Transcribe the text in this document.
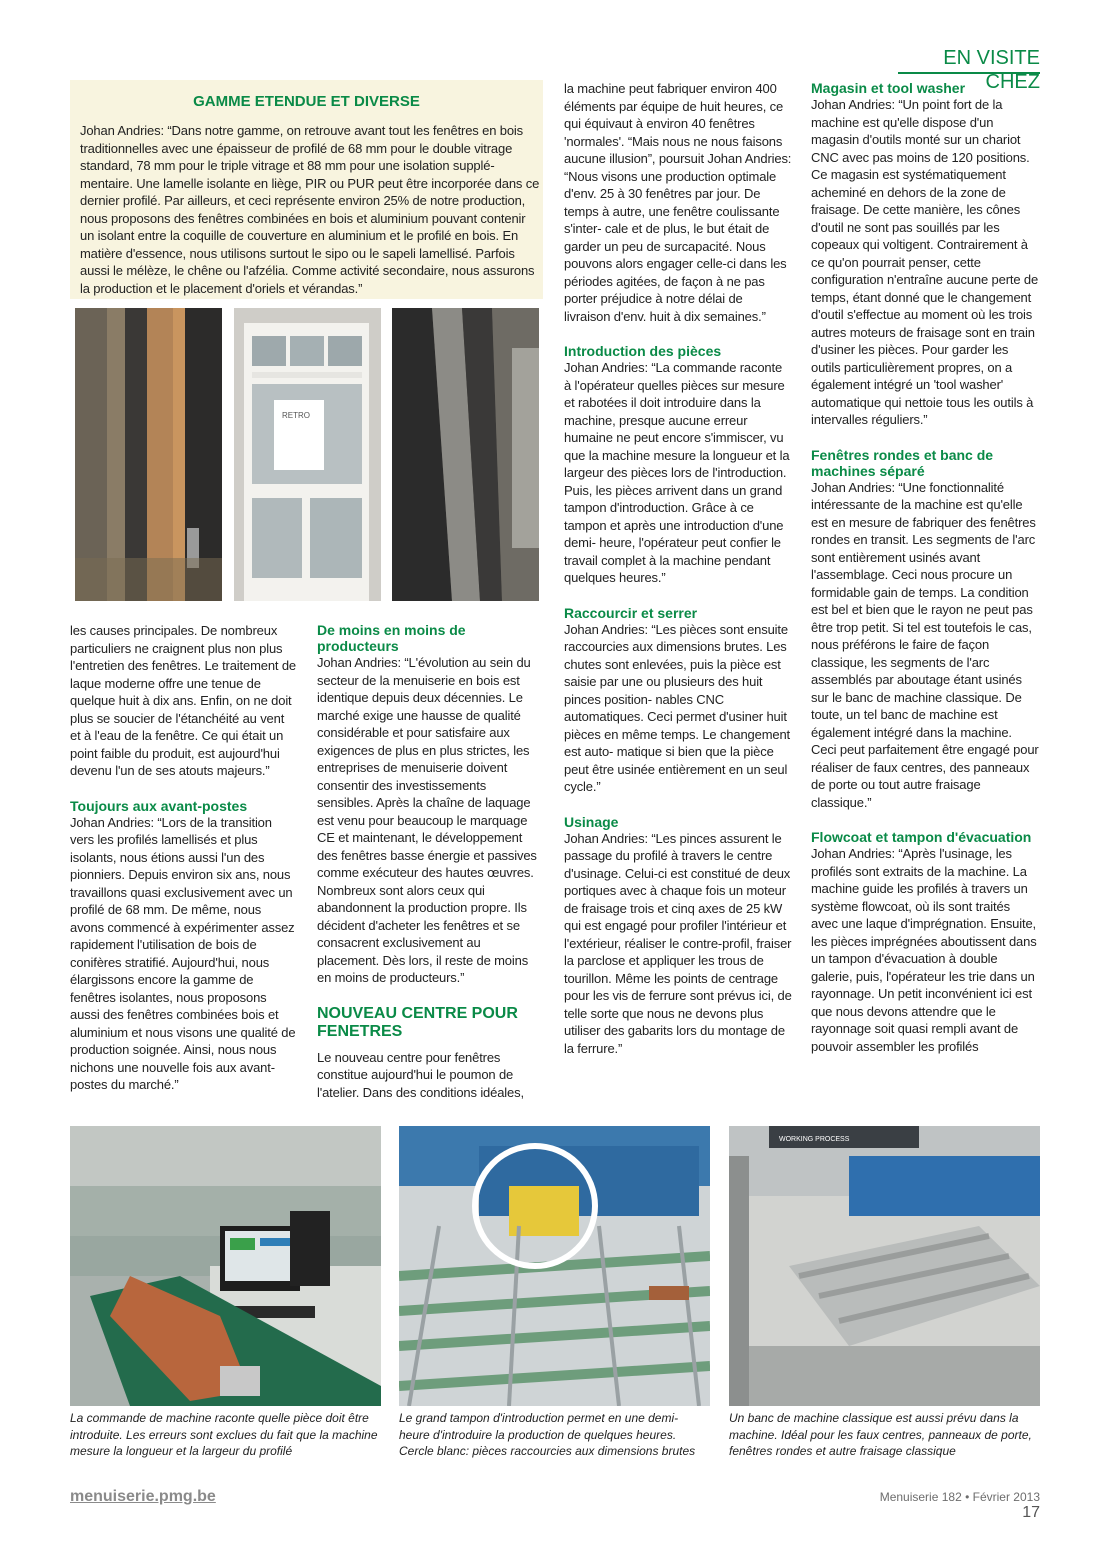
EN VISITE CHEZ
GAMME ETENDUE ET DIVERSE

Johan Andries: “Dans notre gamme, on retrouve avant tout les fenêtres en bois traditionnelles avec une épaisseur de profilé de 68 mm pour le double vitrage standard, 78 mm pour le triple vitrage et 88 mm pour une isolation supplé- mentaire. Une lamelle isolante en liège, PIR ou PUR peut être incorporée dans ce dernier profilé. Par ailleurs, et ceci représente environ 25% de notre production, nous proposons des fenêtres combinées en bois et aluminium pouvant contenir un isolant entre la coquille de couverture en aluminium et le profilé en bois. En matière d'essence, nous utilisons surtout le sipo ou le sapeli lamellisé. Parfois aussi le mélèze, le chêne ou l'afzélia. Comme activité secondaire, nous assurons la production et le placement d'oriels et vérandas.”

RETRO

les causes principales. De nombreux particuliers ne craignent plus non plus l'entretien des fenêtres. Le traitement de laque moderne offre une tenue de quelque huit à dix ans. Enfin, on ne doit plus se soucier de l'étanchéité au vent et à l'eau de la fenêtre. Ce qui était un point faible du produit, est aujourd'hui devenu l'un de ses atouts majeurs.”

Toujours aux avant-postes

Johan Andries: “Lors de la transition vers les profilés lamellisés et plus isolants, nous étions aussi l'un des pionniers. Depuis environ six ans, nous travaillons quasi exclusivement avec un profilé de 68 mm. De même, nous avons commencé à expérimenter assez rapidement l'utilisation de bois de conifères stratifié. Aujourd'hui, nous élargissons encore la gamme de fenêtres isolantes, nous proposons aussi des fenêtres combinées bois et aluminium et nous visons une qualité de production soignée. Ainsi, nous nous nichons une nouvelle fois aux avant-postes du marché.”

De moins en moins de producteurs

Johan Andries: “L'évolution au sein du secteur de la menuiserie en bois est identique depuis deux décennies. Le marché exige une hausse de qualité considérable et pour satisfaire aux exigences de plus en plus strictes, les entreprises de menuiserie doivent consentir des investissements sensibles. Après la chaîne de laquage est venu pour beaucoup le marquage CE et maintenant, le développement des fenêtres basse énergie et passives comme exécuteur des hautes œuvres. Nombreux sont alors ceux qui abandonnent la production propre. Ils décident d'acheter les fenêtres et se consacrent exclusivement au placement. Dès lors, il reste de moins en moins de producteurs.”

NOUVEAU CENTRE POUR FENETRES

Le nouveau centre pour fenêtres constitue aujourd'hui le poumon de l'atelier. Dans des conditions idéales,

la machine peut fabriquer environ 400 éléments par équipe de huit heures, ce qui équivaut à environ 40 fenêtres 'normales'. “Mais nous ne nous faisons aucune illusion”, poursuit Johan Andries: “Nous visons une production optimale d'env. 25 à 30 fenêtres par jour. De temps à autre, une fenêtre coulissante s'inter- cale et de plus, le but était de garder un peu de surcapacité. Nous pouvons alors engager celle-ci dans les périodes agitées, de façon à ne pas porter préjudice à notre délai de livraison d'env. huit à dix semaines.”

Introduction des pièces

Johan Andries: “La commande raconte à l'opérateur quelles pièces sur mesure et rabotées il doit introduire dans la machine, presque aucune erreur humaine ne peut encore s'immiscer, vu que la machine mesure la longueur et la largeur des pièces lors de l'introduction. Puis, les pièces arrivent dans un grand tampon d'introduction. Grâce à ce tampon et après une introduction d'une demi- heure, l'opérateur peut confier le travail complet à la machine pendant quelques heures.”

Raccourcir et serrer

Johan Andries: “Les pièces sont ensuite raccourcies aux dimensions brutes. Les chutes sont enlevées, puis la pièce est saisie par une ou plusieurs des huit pinces position- nables CNC automatiques. Ceci permet d'usiner huit pièces en même temps. Le changement est auto- matique si bien que la pièce peut être usinée entièrement en un seul cycle.”

Usinage

Johan Andries: “Les pinces assurent le passage du profilé à travers le centre d'usinage. Celui-ci est constitué de deux portiques avec à chaque fois un moteur de fraisage trois et cinq axes de 25 kW qui est engagé pour profiler l'intérieur et l'extérieur, réaliser le contre-profil, fraiser la parclose et appliquer les trous de tourillon. Même les points de centrage pour les vis de ferrure sont prévus ici, de telle sorte que nous ne devons plus utiliser des gabarits lors du montage de la ferrure.”

Magasin et tool washer

Johan Andries: “Un point fort de la machine est qu'elle dispose d'un magasin d'outils monté sur un chariot CNC avec pas moins de 120 positions. Ce magasin est systématiquement acheminé en dehors de la zone de fraisage. De cette manière, les cônes d'outil ne sont pas souillés par les copeaux qui voltigent. Contrairement à ce qu'on pourrait penser, cette configuration n'entraîne aucune perte de temps, étant donné que le changement d'outil s'effectue au moment où les trois autres moteurs de fraisage sont en train d'usiner les pièces. Pour garder les outils particulièrement propres, on a également intégré un 'tool washer' automatique qui nettoie tous les outils à intervalles réguliers.”

Fenêtres rondes et banc de machines séparé

Johan Andries: “Une fonctionnalité intéressante de la machine est qu'elle est en mesure de fabriquer des fenêtres rondes en transit. Les segments de l'arc sont entièrement usinés avant l'assemblage. Ceci nous procure un formidable gain de temps. La condition est bel et bien que le rayon ne peut pas être trop petit. Si tel est toutefois le cas, nous préférons le faire de façon classique, les segments de l'arc assemblés par aboutage étant usinés sur le banc de machine classique. De toute, un tel banc de machine est également intégré dans la machine. Ceci peut parfaitement être engagé pour réaliser de faux centres, des panneaux de porte ou tout autre fraisage classique.”

Flowcoat et tampon d'évacuation

Johan Andries: “Après l'usinage, les profilés sont extraits de la machine. La machine guide les profilés à travers un système flowcoat, où ils sont traités avec une laque d'imprégnation. Ensuite, les pièces imprégnées aboutissent dans un tampon d'évacuation à double galerie, puis, l'opérateur les trie dans un rayonnage. Un petit inconvénient ici est que nous devons attendre que le rayonnage soit quasi rempli avant de pouvoir assembler les profilés

WORKING PROCESS

La commande de machine raconte quelle pièce doit être introduite. Les erreurs sont exclues du fait que la machine mesure la longueur et la largeur du profilé

Le grand tampon d'introduction permet en une demi- heure d'introduire la production de quelques heures. Cercle blanc: pièces raccourcies aux dimensions brutes

Un banc de machine classique est aussi prévu dans la machine. Idéal pour les faux centres, panneaux de porte, fenêtres rondes et autre fraisage classique

menuiserie.pmg.be	Menuiserie 182 • Février 2013 17
